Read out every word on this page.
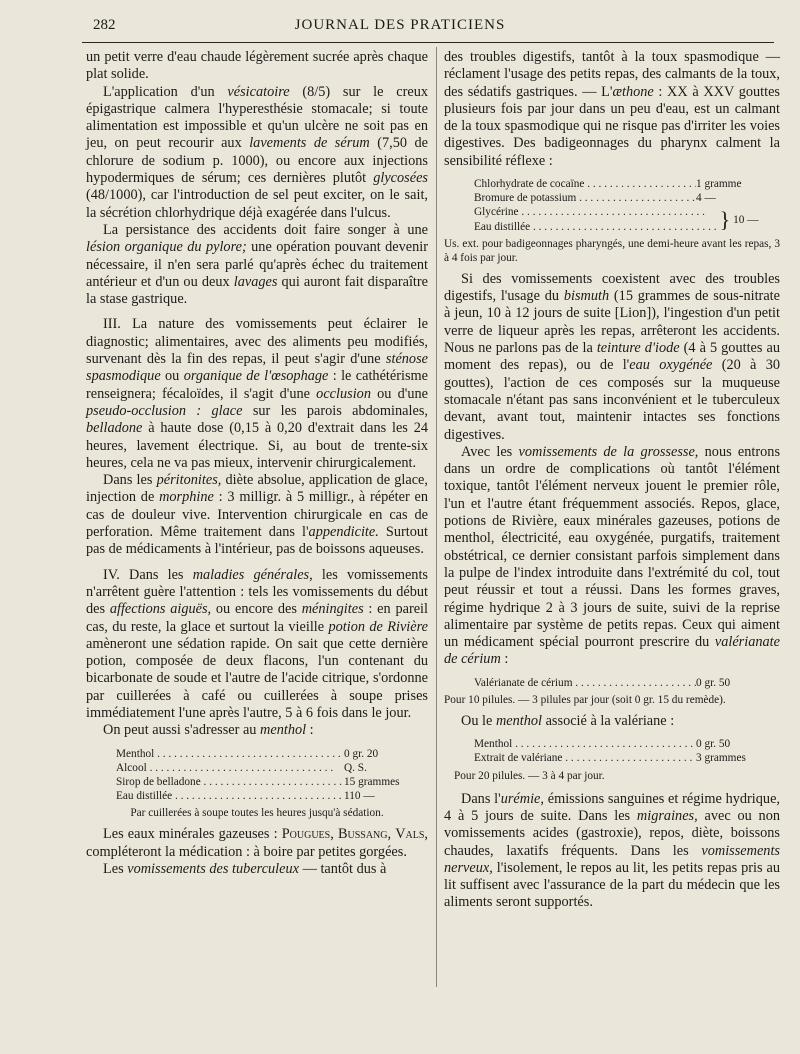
282	JOURNAL DES PRATICIENS

un petit verre d'eau chaude légèrement sucrée après chaque plat solide.

L'application d'un vésicatoire (8/5) sur le creux épigastrique calmera l'hyperesthésie stomacale; si toute alimentation est impossible et qu'un ulcère ne soit pas en jeu, on peut recourir aux lavements de sérum (7,50 de chlorure de sodium p. 1000), ou encore aux injections hypodermiques de sérum; ces dernières plutôt glycosées (48/1000), car l'introduction de sel peut exciter, on le sait, la sécrétion chlorhydrique déjà exagérée dans l'ulcus.

La persistance des accidents doit faire songer à une lésion organique du pylore; une opération pouvant devenir nécessaire, il n'en sera parlé qu'après échec du traitement antérieur et d'un ou deux lavages qui auront fait disparaître la stase gastrique.

III. La nature des vomissements peut éclairer le diagnostic; alimentaires, avec des aliments peu modifiés, survenant dès la fin des repas, il peut s'agir d'une sténose spasmodique ou organique de l'œsophage : le cathétérisme renseignera; fécaloïdes, il s'agit d'une occlusion ou d'une pseudo-occlusion : glace sur les parois abdominales, belladone à haute dose (0,15 à 0,20 d'extrait dans les 24 heures, lavement électrique. Si, au bout de trente-six heures, cela ne va pas mieux, intervenir chirurgicalement.

Dans les péritonites, diète absolue, application de glace, injection de morphine : 3 milligr. à 5 milligr., à répéter en cas de douleur vive. Intervention chirurgicale en cas de perforation. Même traitement dans l'appendicite. Surtout pas de médicaments à l'intérieur, pas de boissons aqueuses.

IV. Dans les maladies générales, les vomissements n'arrêtent guère l'attention : tels les vomissements du début des affections aiguës, ou encore des méningites : en pareil cas, du reste, la glace et surtout la vieille potion de Rivière amèneront une sédation rapide. On sait que cette dernière potion, composée de deux flacons, l'un contenant du bicarbonate de soude et l'autre de l'acide citrique, s'ordonne par cuillerées à café ou cuillerées à soupe prises immédiatement l'une après l'autre, 5 à 6 fois dans le jour.

On peut aussi s'adresser au menthol :

Menthol . . .	0 gr. 20
Alcool . . .	Q. S.
Sirop de belladone . . .	15 grammes
Eau distillée . . .	110 —
Par cuillerées à soupe toutes les heures jusqu'à sédation.

Les eaux minérales gazeuses : Pougues, Bussang, Vals, compléteront la médication : à boire par petites gorgées.

Les vomissements des tuberculeux — tantôt dus à

des troubles digestifs, tantôt à la toux spasmodique — réclament l'usage des petits repas, des calmants de la toux, des sédatifs gastriques. — L'æthone : XX à XXV gouttes plusieurs fois par jour dans un peu d'eau, est un calmant de la toux spasmodique qui ne risque pas d'irriter les voies digestives. Des badigeonnages du pharynx calment la sensibilité réflexe :

Chlorhydrate de cocaïne . . .	1 gramme
Bromure de potassium . . .	4 —
Glycérine . . .
Eau distillée . . .	} 10 —
Us. ext. pour badigeonnages pharyngés, une demi-heure avant les repas, 3 à 4 fois par jour.

Si des vomissements coexistent avec des troubles digestifs, l'usage du bismuth (15 grammes de sous-nitrate à jeun, 10 à 12 jours de suite [Lion]), l'ingestion d'un petit verre de liqueur après les repas, arrêteront les accidents. Nous ne parlons pas de la teinture d'iode (4 à 5 gouttes au moment des repas), ou de l'eau oxygénée (20 à 30 gouttes), l'action de ces composés sur la muqueuse stomacale n'étant pas sans inconvénient et le tuberculeux devant, avant tout, maintenir intactes ses fonctions digestives.

Avec les vomissements de la grossesse, nous entrons dans un ordre de complications où tantôt l'élément toxique, tantôt l'élément nerveux jouent le premier rôle, l'un et l'autre étant fréquemment associés. Repos, glace, potions de Rivière, eaux minérales gazeuses, potions de menthol, électricité, eau oxygénée, purgatifs, traitement obstétrical, ce dernier consistant parfois simplement dans la pulpe de l'index introduite dans l'extrémité du col, tout peut réussir et tout a réussi. Dans les formes graves, régime hydrique 2 à 3 jours de suite, suivi de la reprise alimentaire par système de petits repas. Ceux qui aiment un médicament spécial pourront prescrire du valérianate de cérium :

Valérianate de cérium . . .	0 gr. 50
Pour 10 pilules. — 3 pilules par jour (soit 0 gr. 15 du remède).

Ou le menthol associé à la valériane :

Menthol . . .	0 gr. 50
Extrait de valériane . . .	3 grammes
Pour 20 pilules. — 3 à 4 par jour.

Dans l'urémie, émissions sanguines et régime hydrique, 4 à 5 jours de suite. Dans les migraines, avec ou non vomissements acides (gastroxie), repos, diète, boissons chaudes, laxatifs fréquents. Dans les vomissements nerveux, l'isolement, le repos au lit, les petits repas pris au lit suffisent avec l'assurance de la part du médecin que les aliments seront supportés.
